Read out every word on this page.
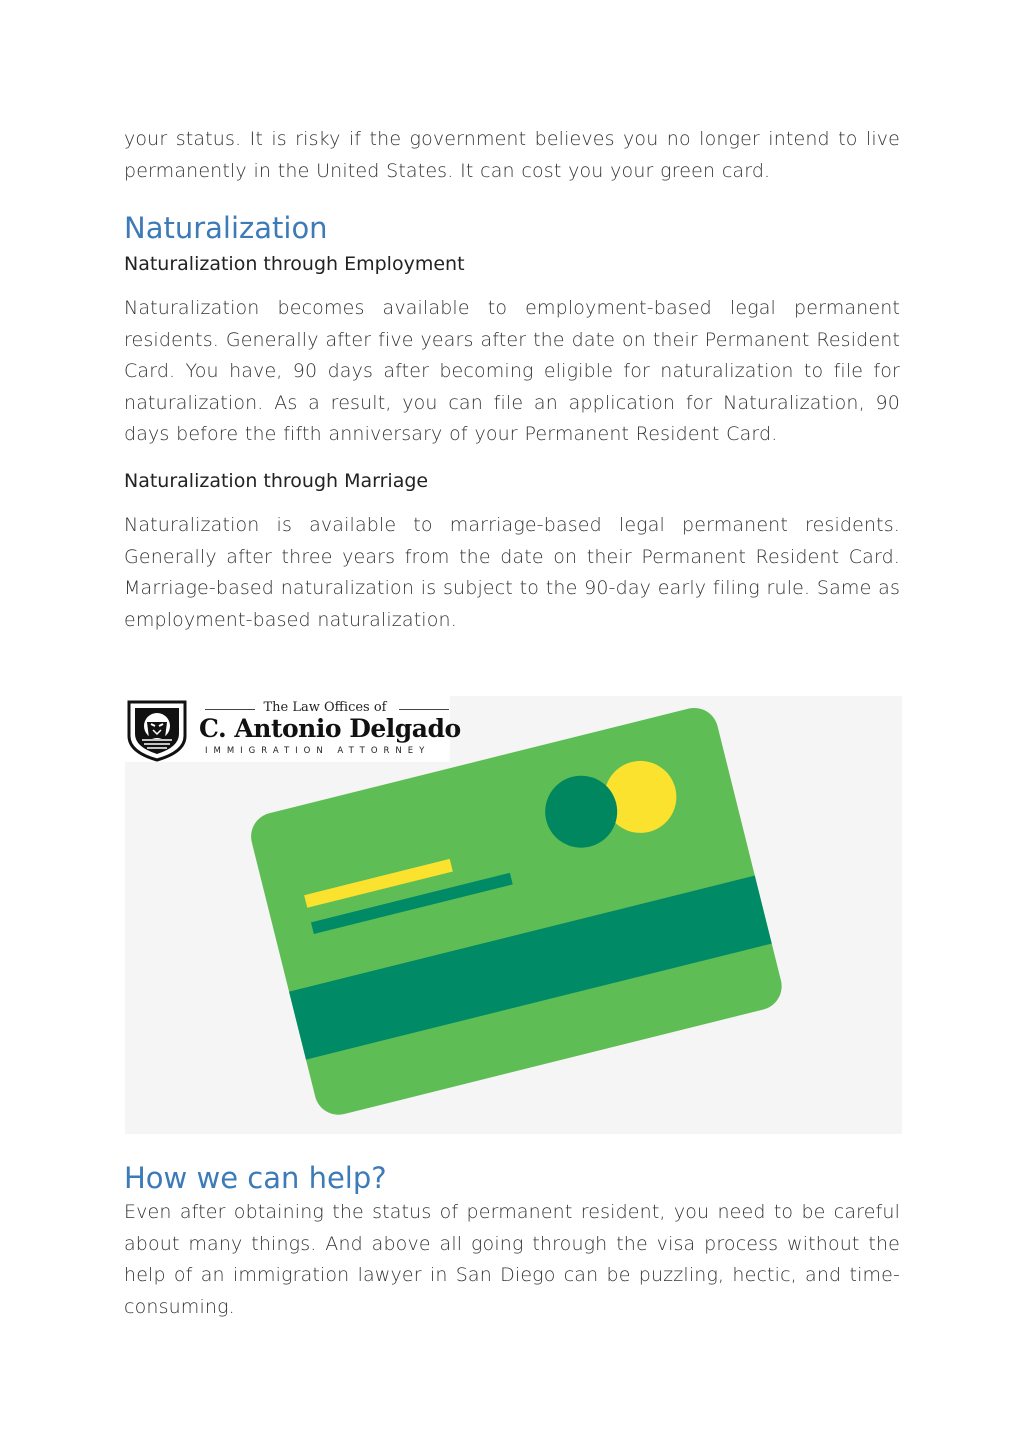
your status. It is risky if the government believes you no longer intend to live permanently in the United States. It can cost you your green card.

Naturalization
Naturalization through Employment

Naturalization becomes available to employment-based legal permanent residents. Generally after five years after the date on their Permanent Resident Card. You have, 90 days after becoming eligible for naturalization to file for naturalization. As a result, you can file an application for Naturalization, 90 days before the fifth anniversary of your Permanent Resident Card.

Naturalization through Marriage

Naturalization is available to marriage-based legal permanent residents. Generally after three years from the date on their Permanent Resident Card. Marriage-based naturalization is subject to the 90-day early filing rule. Same as employment-based naturalization.

How we can help?

Even after obtaining the status of permanent resident, you need to be careful about many things. And above all going through the visa process without the help of an immigration lawyer in San Diego can be puzzling, hectic, and time-consuming.

The Law Offices of
C. Antonio Delgado
IMMIGRATION ATTORNEY
